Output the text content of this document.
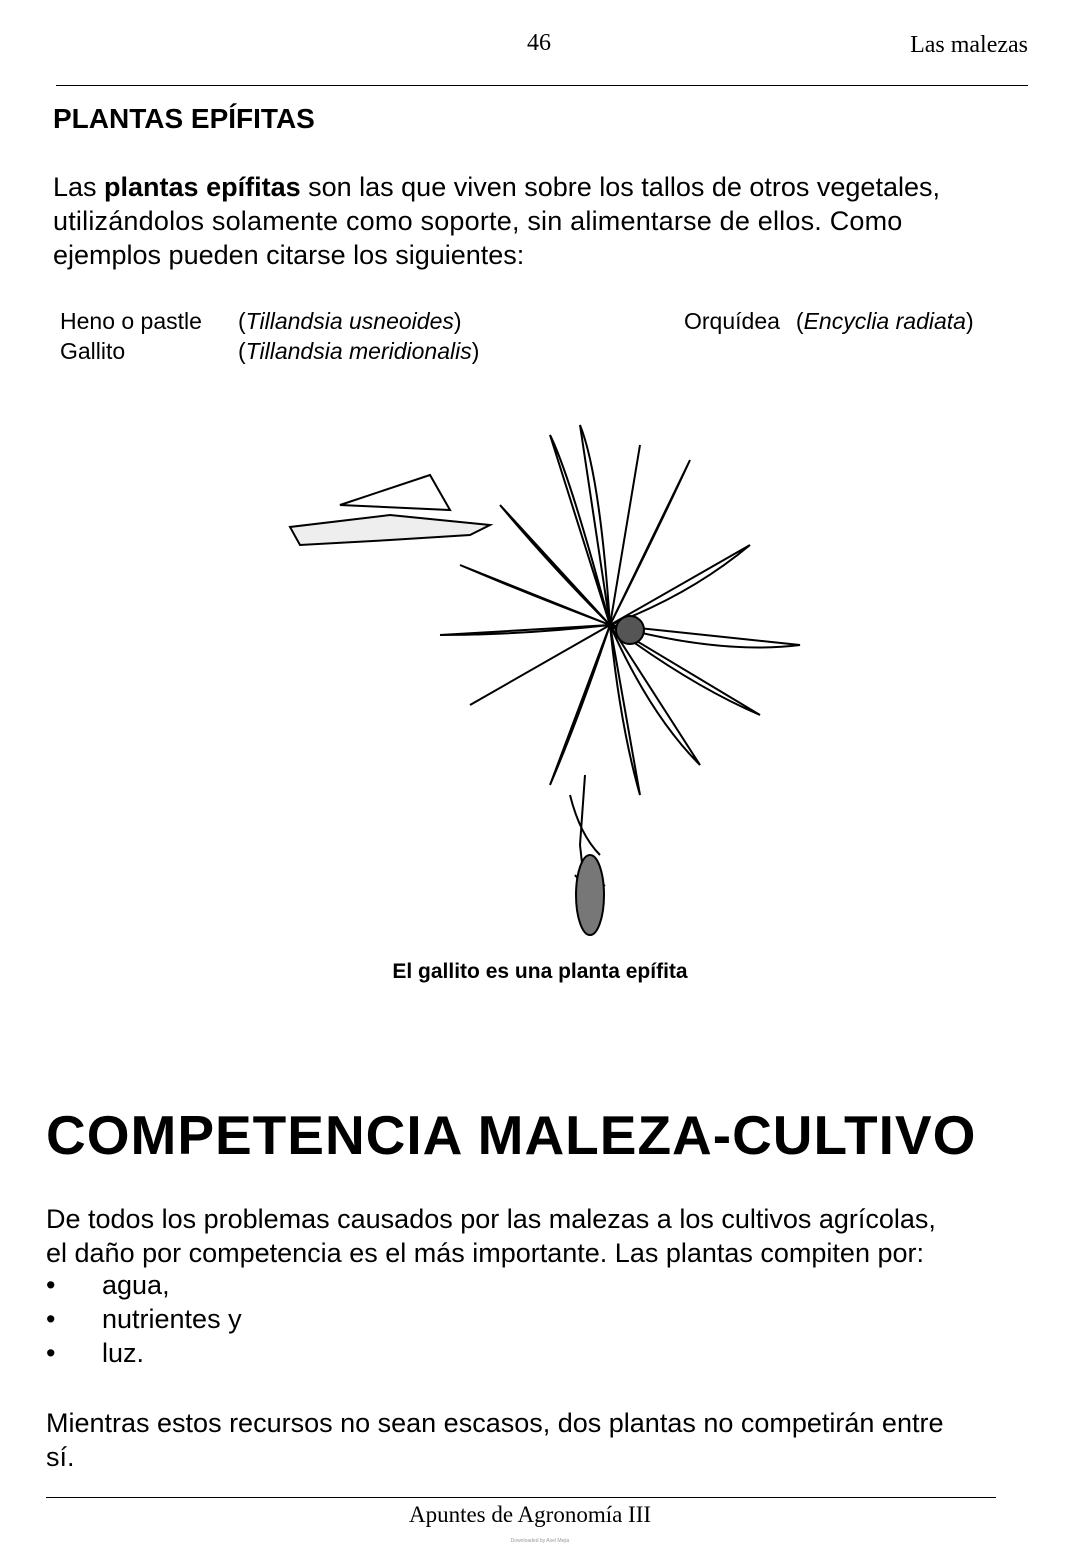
46	Las malezas
PLANTAS EPÍFITAS
Las plantas epífitas son las que viven sobre los tallos de otros vegetales,
utilizándolos solamente como soporte, sin alimentarse de ellos. Como
ejemplos pueden citarse los siguientes:
Heno o pastle (Tillandsia usneoides)
Gallito	(Tillandsia meridionalis)
Orquídea (Encyclia radiata)
El gallito es una planta epífita
COMPETENCIA MALEZA-CULTIVO
De todos los problemas causados por las malezas a los cultivos agrícolas,
el daño por competencia es el más importante. Las plantas compiten por:
• agua,
• nutrientes y
• luz.
Mientras estos recursos no sean escasos, dos plantas no competirán entre
sí.
Apuntes de Agronomía III
Downloaded by Axel Mejia
